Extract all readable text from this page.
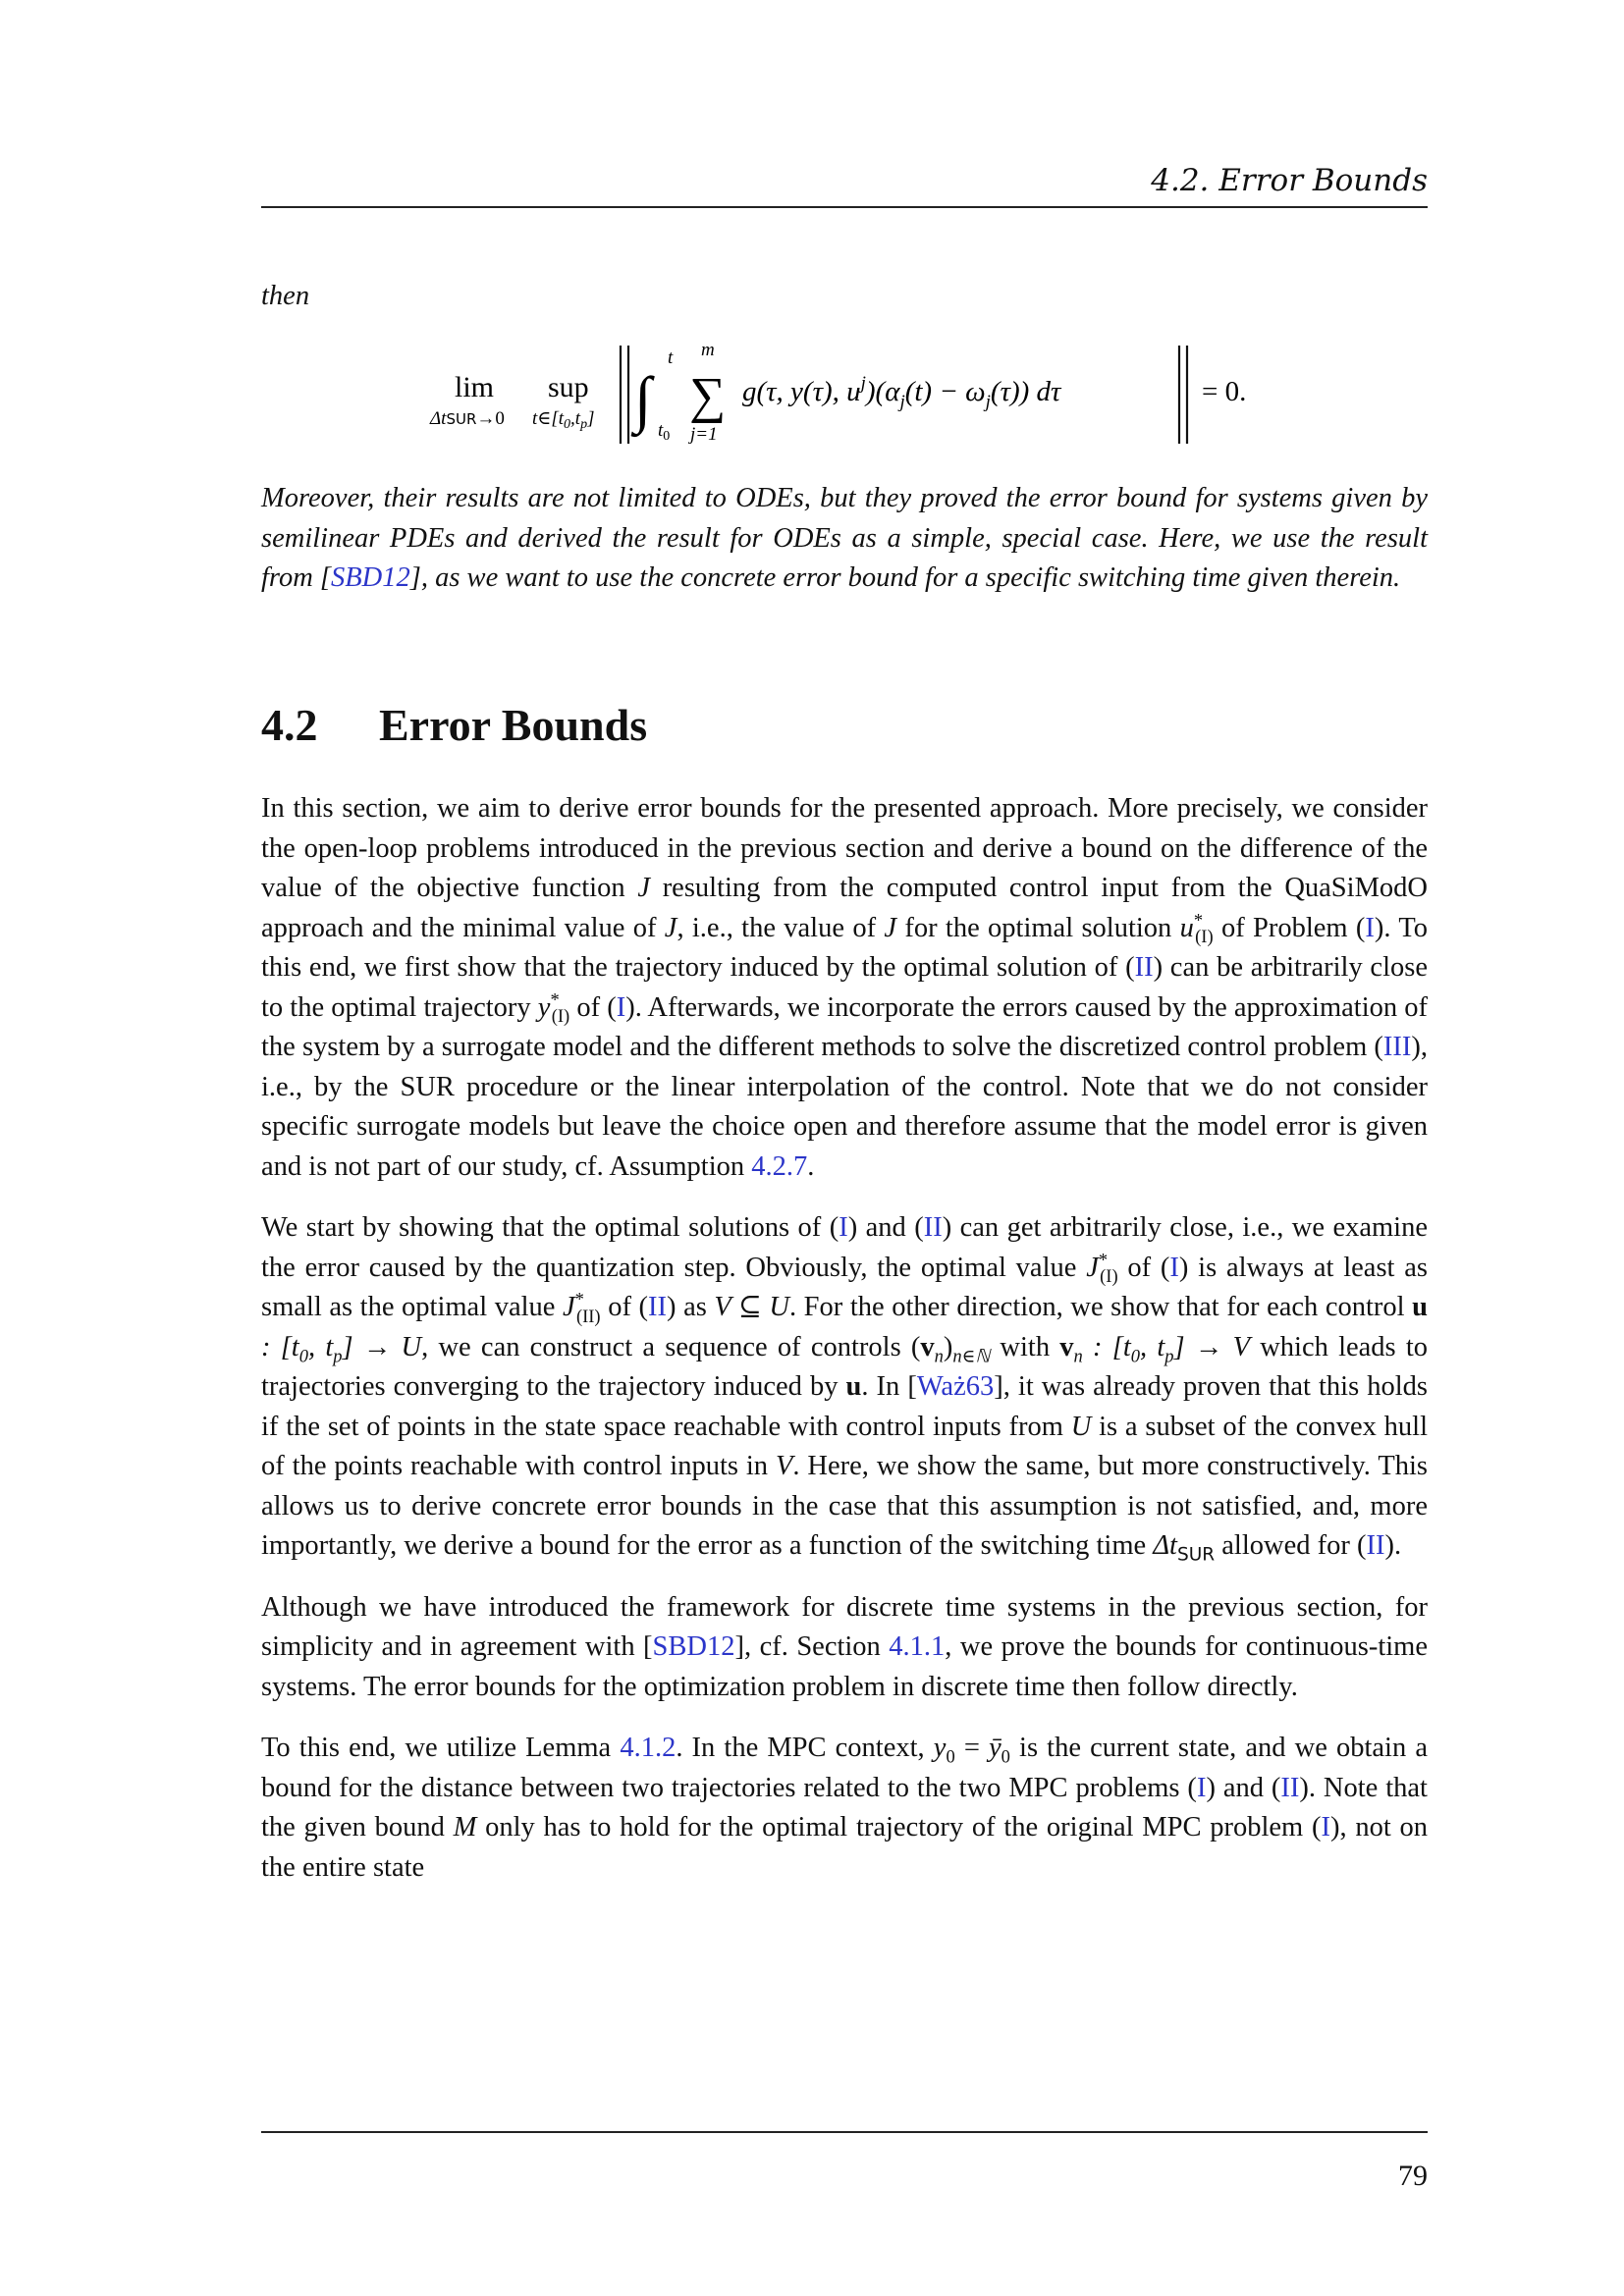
4.2. Error Bounds

then

lim
ΔtSUR→0
sup
$t\in[t_0,t_p]$ ∫
t
$t_0$
m
∑
j=1
g(τ, y(τ), $u^j)(\alpha_j(t) - \omega_j(\tau))$ dτ	= 0.

Moreover, their results are not limited to ODEs, but they proved the error bound for systems given by semilinear PDEs and derived the result for ODEs as a simple, special case. Here, we use the result from [SBD12], as we want to use the concrete error bound for a specific switching time given therein.

4.2 Error Bounds

In this section, we aim to derive error bounds for the presented approach. More precisely, we consider the open-loop problems introduced in the previous section and derive a bound on the difference of the value of the objective function J resulting from the computed control input from the QuaSiModO approach and the minimal value of J, i.e., the value of J for the optimal solution $u^*_{(I)}$ of Problem (I). To this end, we first show that the trajectory induced by the optimal solution of (II) can be arbitrarily close to the optimal trajectory $y^*_{(I)}$ of (I). Afterwards, we incorporate the errors caused by the approximation of the system by a surrogate model and the different methods to solve the discretized control problem (III), i.e., by the SUR procedure or the linear interpolation of the control. Note that we do not consider specific surrogate models but leave the choice open and therefore assume that the model error is given and is not part of our study, cf. Assumption 4.2.7.

We start by showing that the optimal solutions of (I) and (II) can get arbitrarily close, i.e., we examine the error caused by the quantization step. Obviously, the optimal value $J^*_{(I)}$ of (I) is always at least as small as the optimal value $J^*_{(II)}$ of (II) as V ⊆ U. For the other direction, we show that for each control u : [$t_0$, $t_p] \to U$, we can construct a sequence of controls $(v_n)_{n\in ℕ}$ with $v_n$ : [$t_0$, $t_p] \to V$ which leads to trajectories converging to the trajectory induced by u. In [Waż63], it was already proven that this holds if the set of points in the state space reachable with control inputs from U is a subset of the convex hull of the points reachable with control inputs in V. Here, we show the same, but more constructively. This allows us to derive concrete error bounds in the case that this assumption is not satisfied, and, more importantly, we derive a bound for the error as a function of the switching time $\Delta t_{SUR}$ allowed for (II).

Although we have introduced the framework for discrete time systems in the previous section, for simplicity and in agreement with [SBD12], cf. Section 4.1.1, we prove the bounds for continuous-time systems. The error bounds for the optimization problem in discrete time then follow directly.

To this end, we utilize Lemma 4.1.2. In the MPC context, $y_0$ = $ȳ_0$ is the current state, and we obtain a bound for the distance between two trajectories related to the two MPC problems (I) and (II). Note that the given bound M only has to hold for the optimal trajectory of the original MPC problem (I), not on the entire state

79
